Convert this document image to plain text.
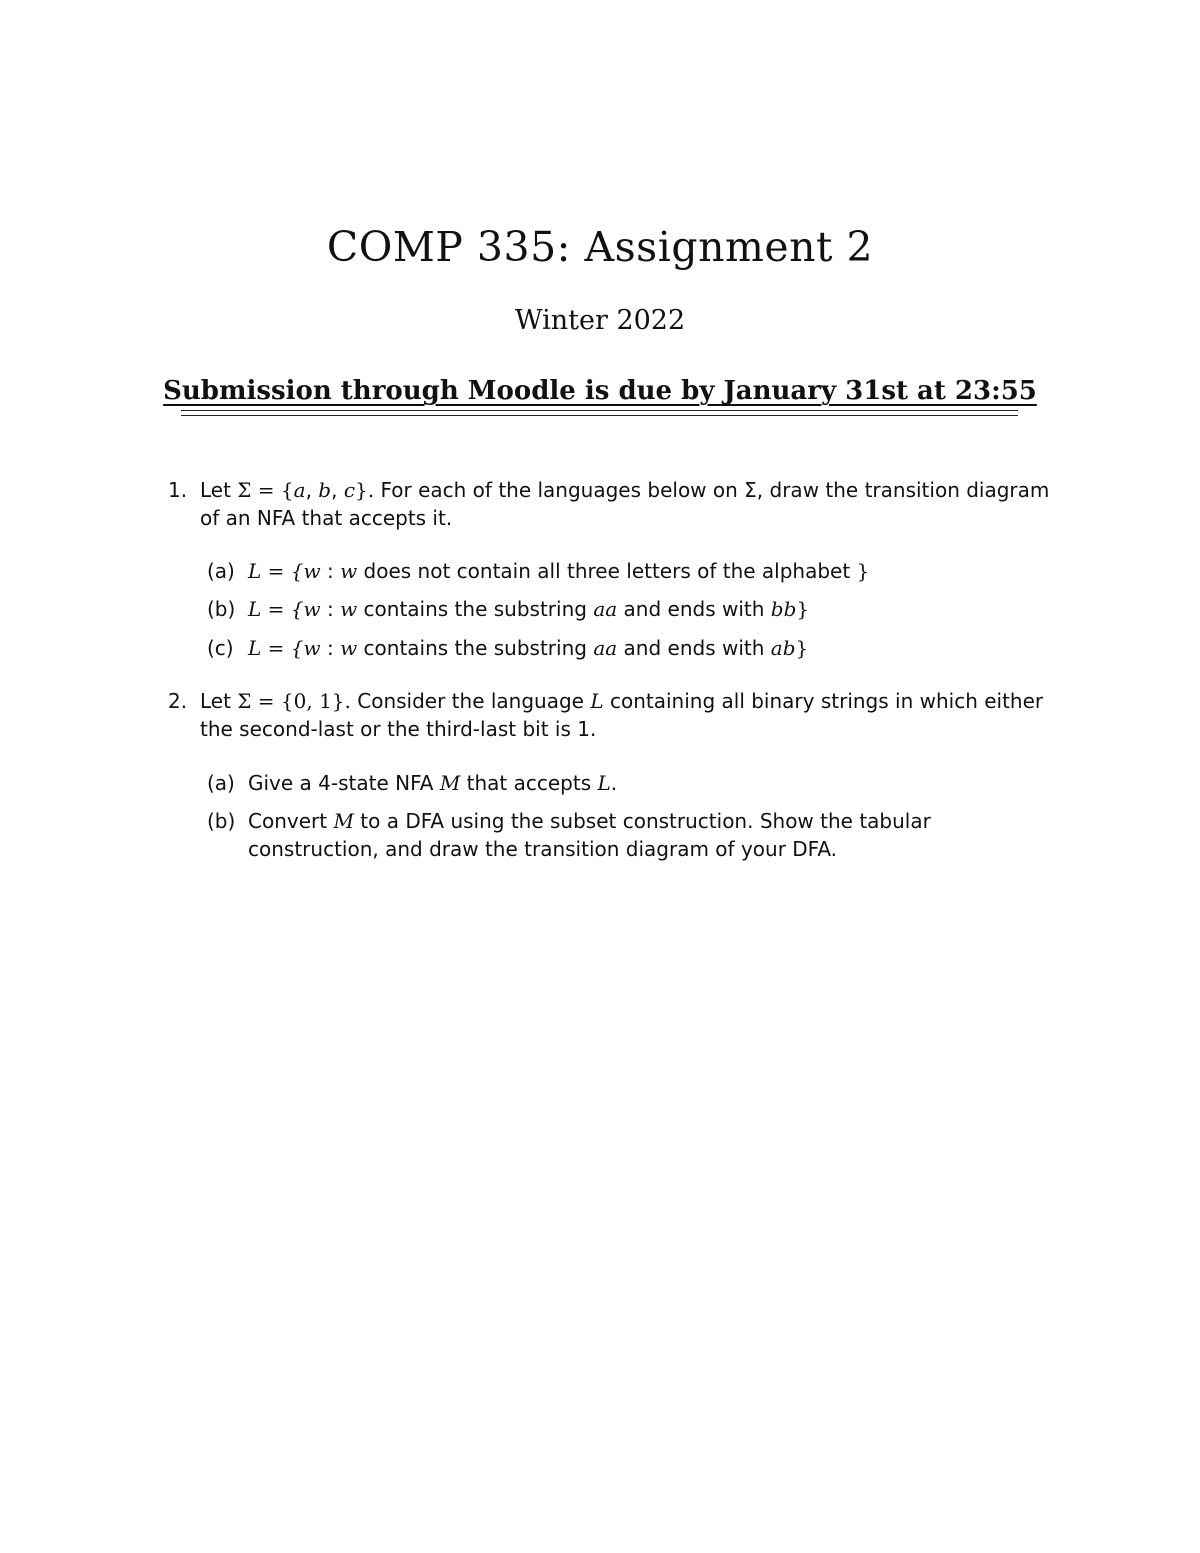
COMP 335: Assignment 2
Winter 2022
Submission through Moodle is due by January 31st at 23:55
1. Let Σ = {a, b, c}. For each of the languages below on Σ, draw the transition diagram of an NFA that accepts it.
(a) L = {w : w does not contain all three letters of the alphabet }
(b) L = {w : w contains the substring aa and ends with bb}
(c) L = {w : w contains the substring aa and ends with ab}
2. Let Σ = {0, 1}. Consider the language L containing all binary strings in which either the second-last or the third-last bit is 1.
(a) Give a 4-state NFA M that accepts L.
(b) Convert M to a DFA using the subset construction. Show the tabular construction, and draw the transition diagram of your DFA.
